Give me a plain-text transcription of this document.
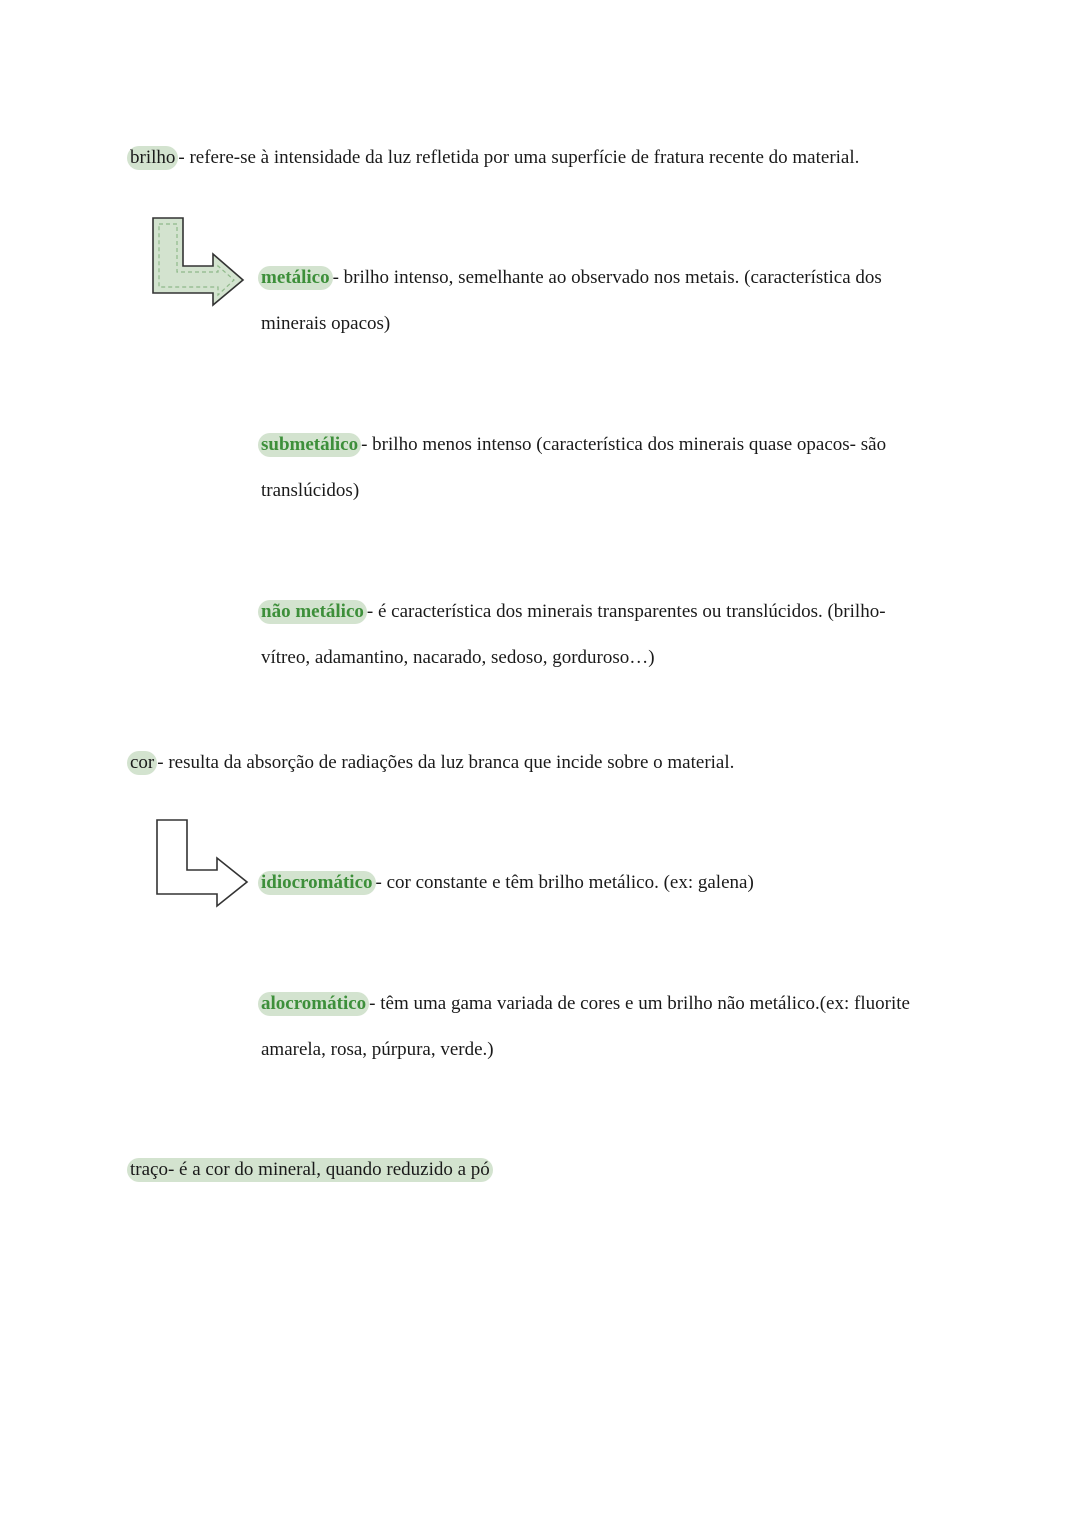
brilho - refere-se à intensidade da luz refletida por uma superfície de fratura recente do material.
metálico - brilho intenso, semelhante ao observado nos metais. (característica dos
minerais opacos)
submetálico - brilho menos intenso (característica dos minerais quase opacos- são
translúcidos)
não metálico - é característica dos minerais transparentes ou translúcidos. (brilho-
vítreo, adamantino, nacarado, sedoso, gorduroso…)
cor - resulta da absorção de radiações da luz branca que incide sobre o material.
idiocromático - cor constante e têm brilho metálico. (ex: galena)
alocromático - têm uma gama variada de cores e um brilho não metálico.(ex: fluorite
amarela, rosa, púrpura, verde.)
traço- é a cor do mineral, quando reduzido a pó
